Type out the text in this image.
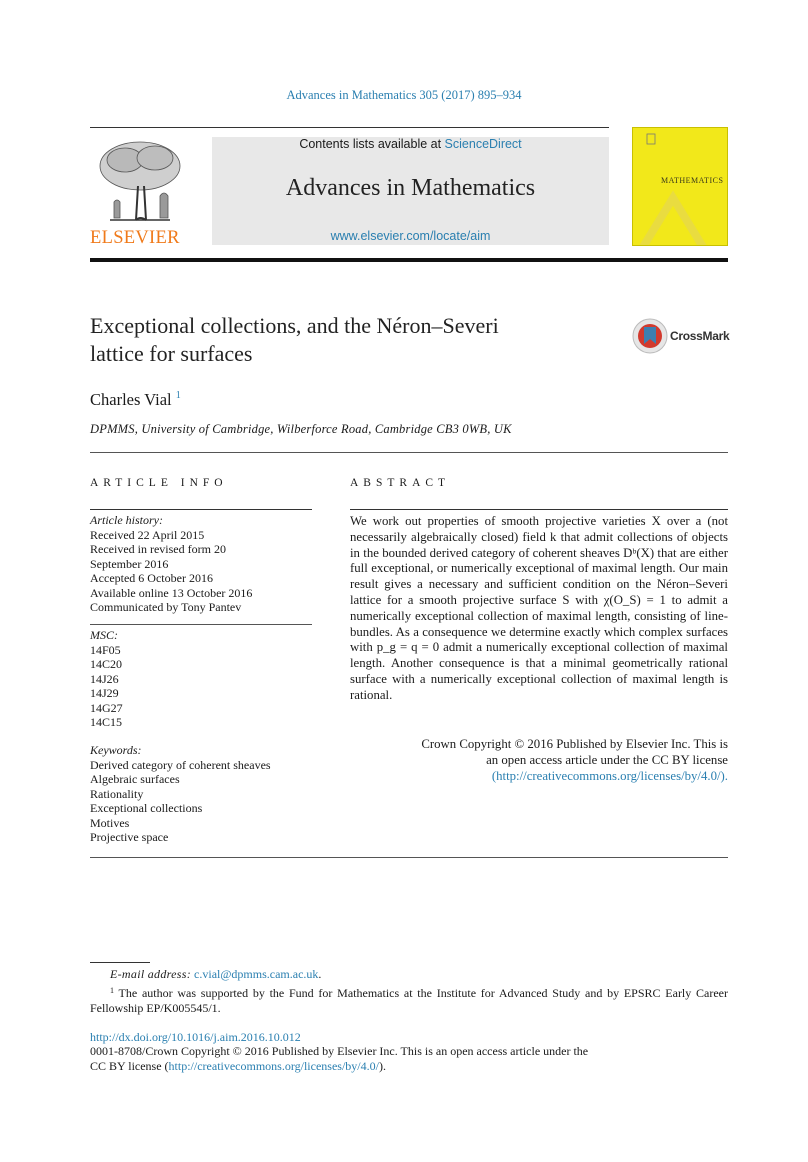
Advances in Mathematics 305 (2017) 895–934
ELSEVIER
Contents lists available at ScienceDirect
Advances in Mathematics
www.elsevier.com/locate/aim
MATHEMATICS
Exceptional collections, and the Néron–Severi
lattice for surfaces
CrossMark
Charles Vial $^1$
DPMMS, University of Cambridge, Wilberforce Road, Cambridge CB3 0WB, UK
ARTICLE INFO	ABSTRACT
Article history:
Received 22 April 2015
Received in revised form 20
September 2016
Accepted 6 October 2016
Available online 13 October 2016
Communicated by Tony Pantev
MSC:
14F05
14C20
14J26
14J29
14G27
14C15
Keywords:
Derived category of coherent sheaves
Algebraic surfaces
Rationality
Exceptional collections
Motives
Projective space
We work out properties of smooth projective varieties X over a (not necessarily algebraically closed) field k that admit collections of objects in the bounded derived category of coherent sheaves Dᵇ(X) that are either full exceptional, or numerically exceptional of maximal length. Our main result gives a necessary and sufficient condition on the Néron–Severi lattice for a smooth projective surface S with χ(O_S) = 1 to admit a numerically exceptional collection of maximal length, consisting of line-bundles. As a consequence we determine exactly which complex surfaces with p_g = q = 0 admit a numerically exceptional collection of maximal length. Another consequence is that a minimal geometrically rational surface with a numerically exceptional collection of maximal length is rational.
Crown Copyright © 2016 Published by Elsevier Inc. This is
an open access article under the CC BY license
(http://creativecommons.org/licenses/by/4.0/).
E-mail address: c.vial@dpmms.cam.ac.uk.
$^1$ The author was supported by the Fund for Mathematics at the Institute for Advanced Study and by EPSRC Early Career Fellowship EP/K005545/1.
http://dx.doi.org/10.1016/j.aim.2016.10.012
0001-8708/Crown Copyright © 2016 Published by Elsevier Inc. This is an open access article under the
CC BY license (http://creativecommons.org/licenses/by/4.0/).
